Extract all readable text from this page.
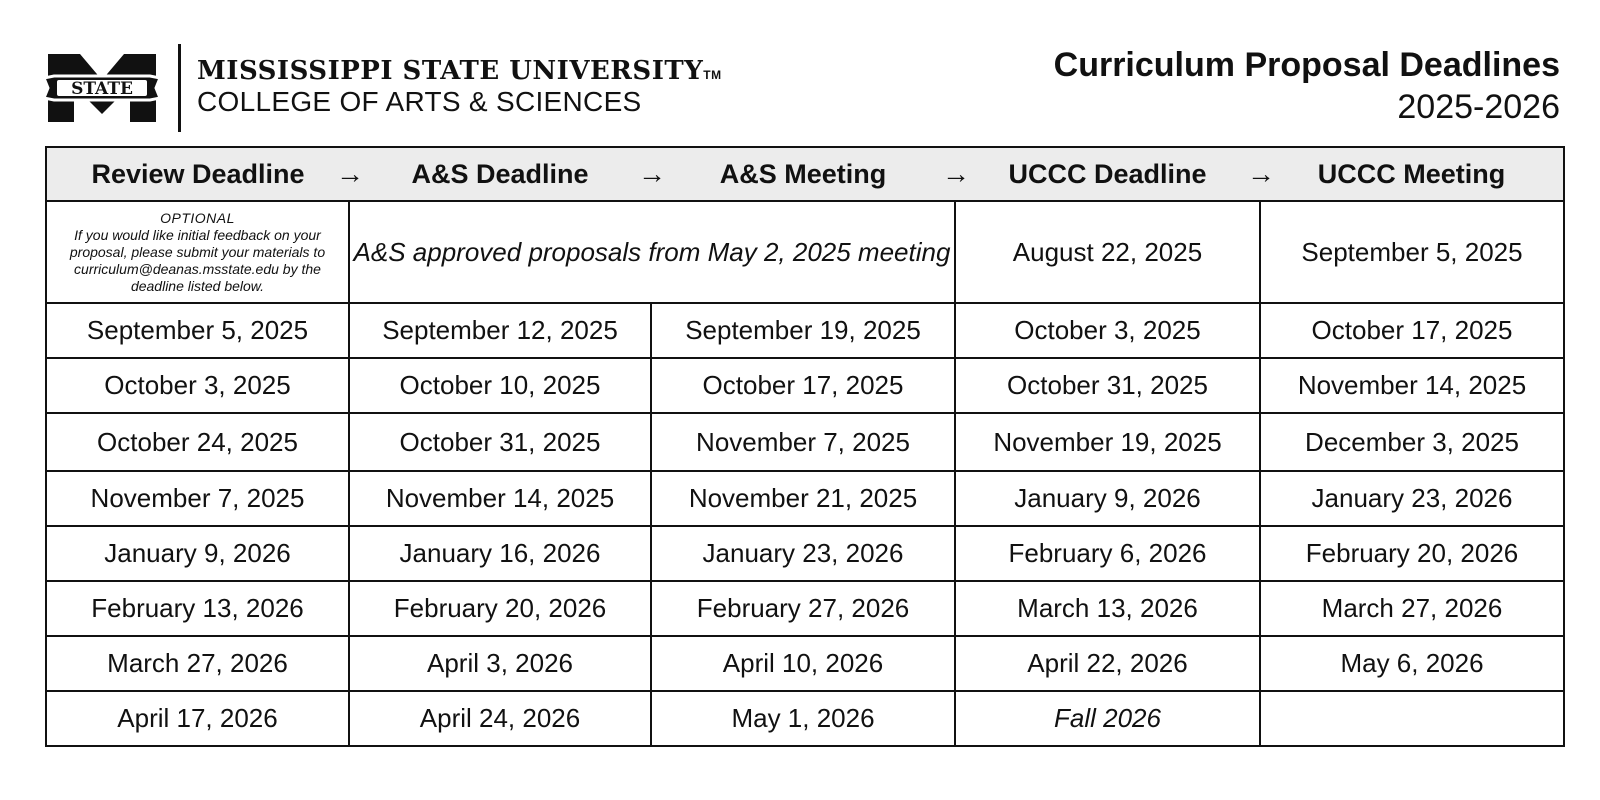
STATE
MISSISSIPPI STATE UNIVERSITYTM
COLLEGE OF ARTS & SCIENCES
Curriculum Proposal Deadlines
2025-2026
Review Deadline →	A&S Deadline →	A&S Meeting →	UCCC Deadline →	UCCC Meeting

OPTIONAL
If you would like initial feedback on your proposal, please submit your materials to curriculum@deanas.msstate.edu by the deadline listed below.	A&S approved proposals from May 2, 2025 meeting		August 22, 2025	September 5, 2025
September 5, 2025	September 12, 2025	September 19, 2025	October 3, 2025	October 17, 2025
October 3, 2025	October 10, 2025	October 17, 2025	October 31, 2025	November 14, 2025
October 24, 2025	October 31, 2025	November 7, 2025	November 19, 2025	December 3, 2025
November 7, 2025	November 14, 2025	November 21, 2025	January 9, 2026	January 23, 2026
January 9, 2026	January 16, 2026	January 23, 2026	February 6, 2026	February 20, 2026
February 13, 2026	February 20, 2026	February 27, 2026	March 13, 2026	March 27, 2026
March 27, 2026	April 3, 2026	April 10, 2026	April 22, 2026	May 6, 2026
April 17, 2026	April 24, 2026	May 1, 2026	Fall 2026	
